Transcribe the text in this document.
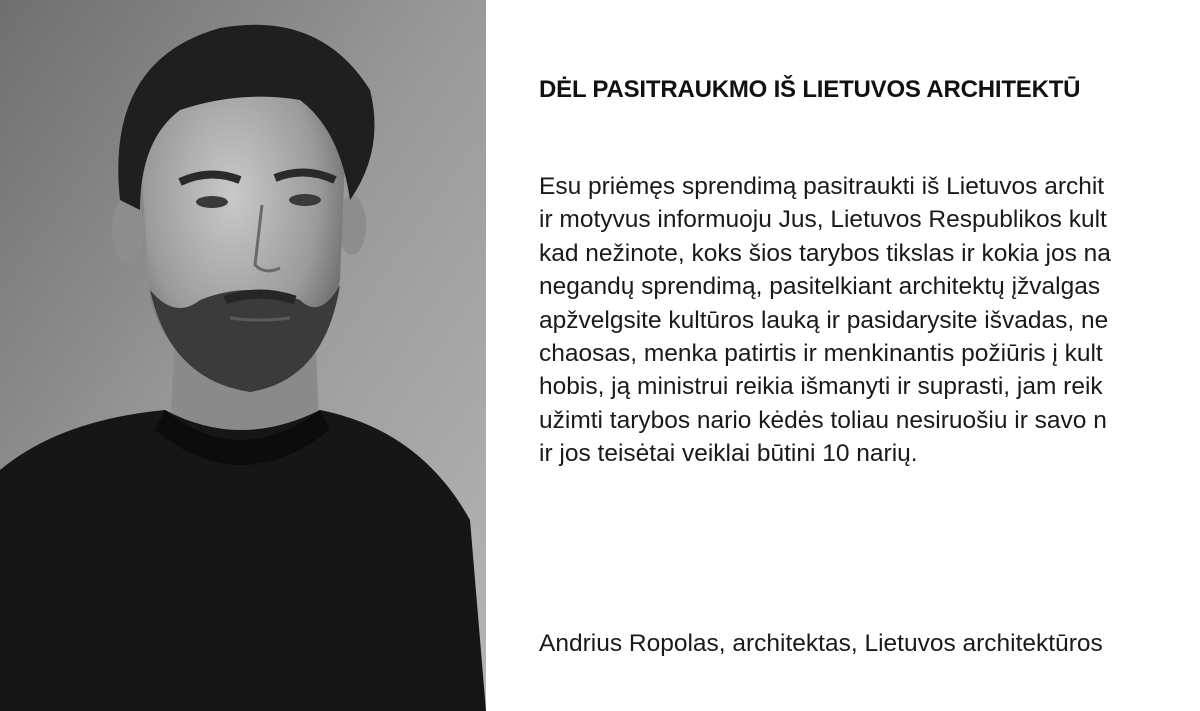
DĖL PASITRAUKMO IŠ LIETUVOS ARCHITEKTŪ
Esu priėmęs sprendimą pasitraukti iš Lietuvos archit
ir motyvus informuoju Jus, Lietuvos Respublikos kult
kad nežinote, koks šios tarybos tikslas ir kokia jos na
negandų sprendimą, pasitelkiant architektų įžvalgas
apžvelgsite kultūros lauką ir pasidarysite išvadas, ne
chaosas, menka patirtis ir menkinantis požiūris į kult
hobis, ją ministrui reikia išmanyti ir suprasti, jam reik
užimti tarybos nario kėdės toliau nesiruošiu ir savo n
ir jos teisėtai veiklai būtini 10 narių.

Andrius Ropolas, architektas, Lietuvos architektūros
